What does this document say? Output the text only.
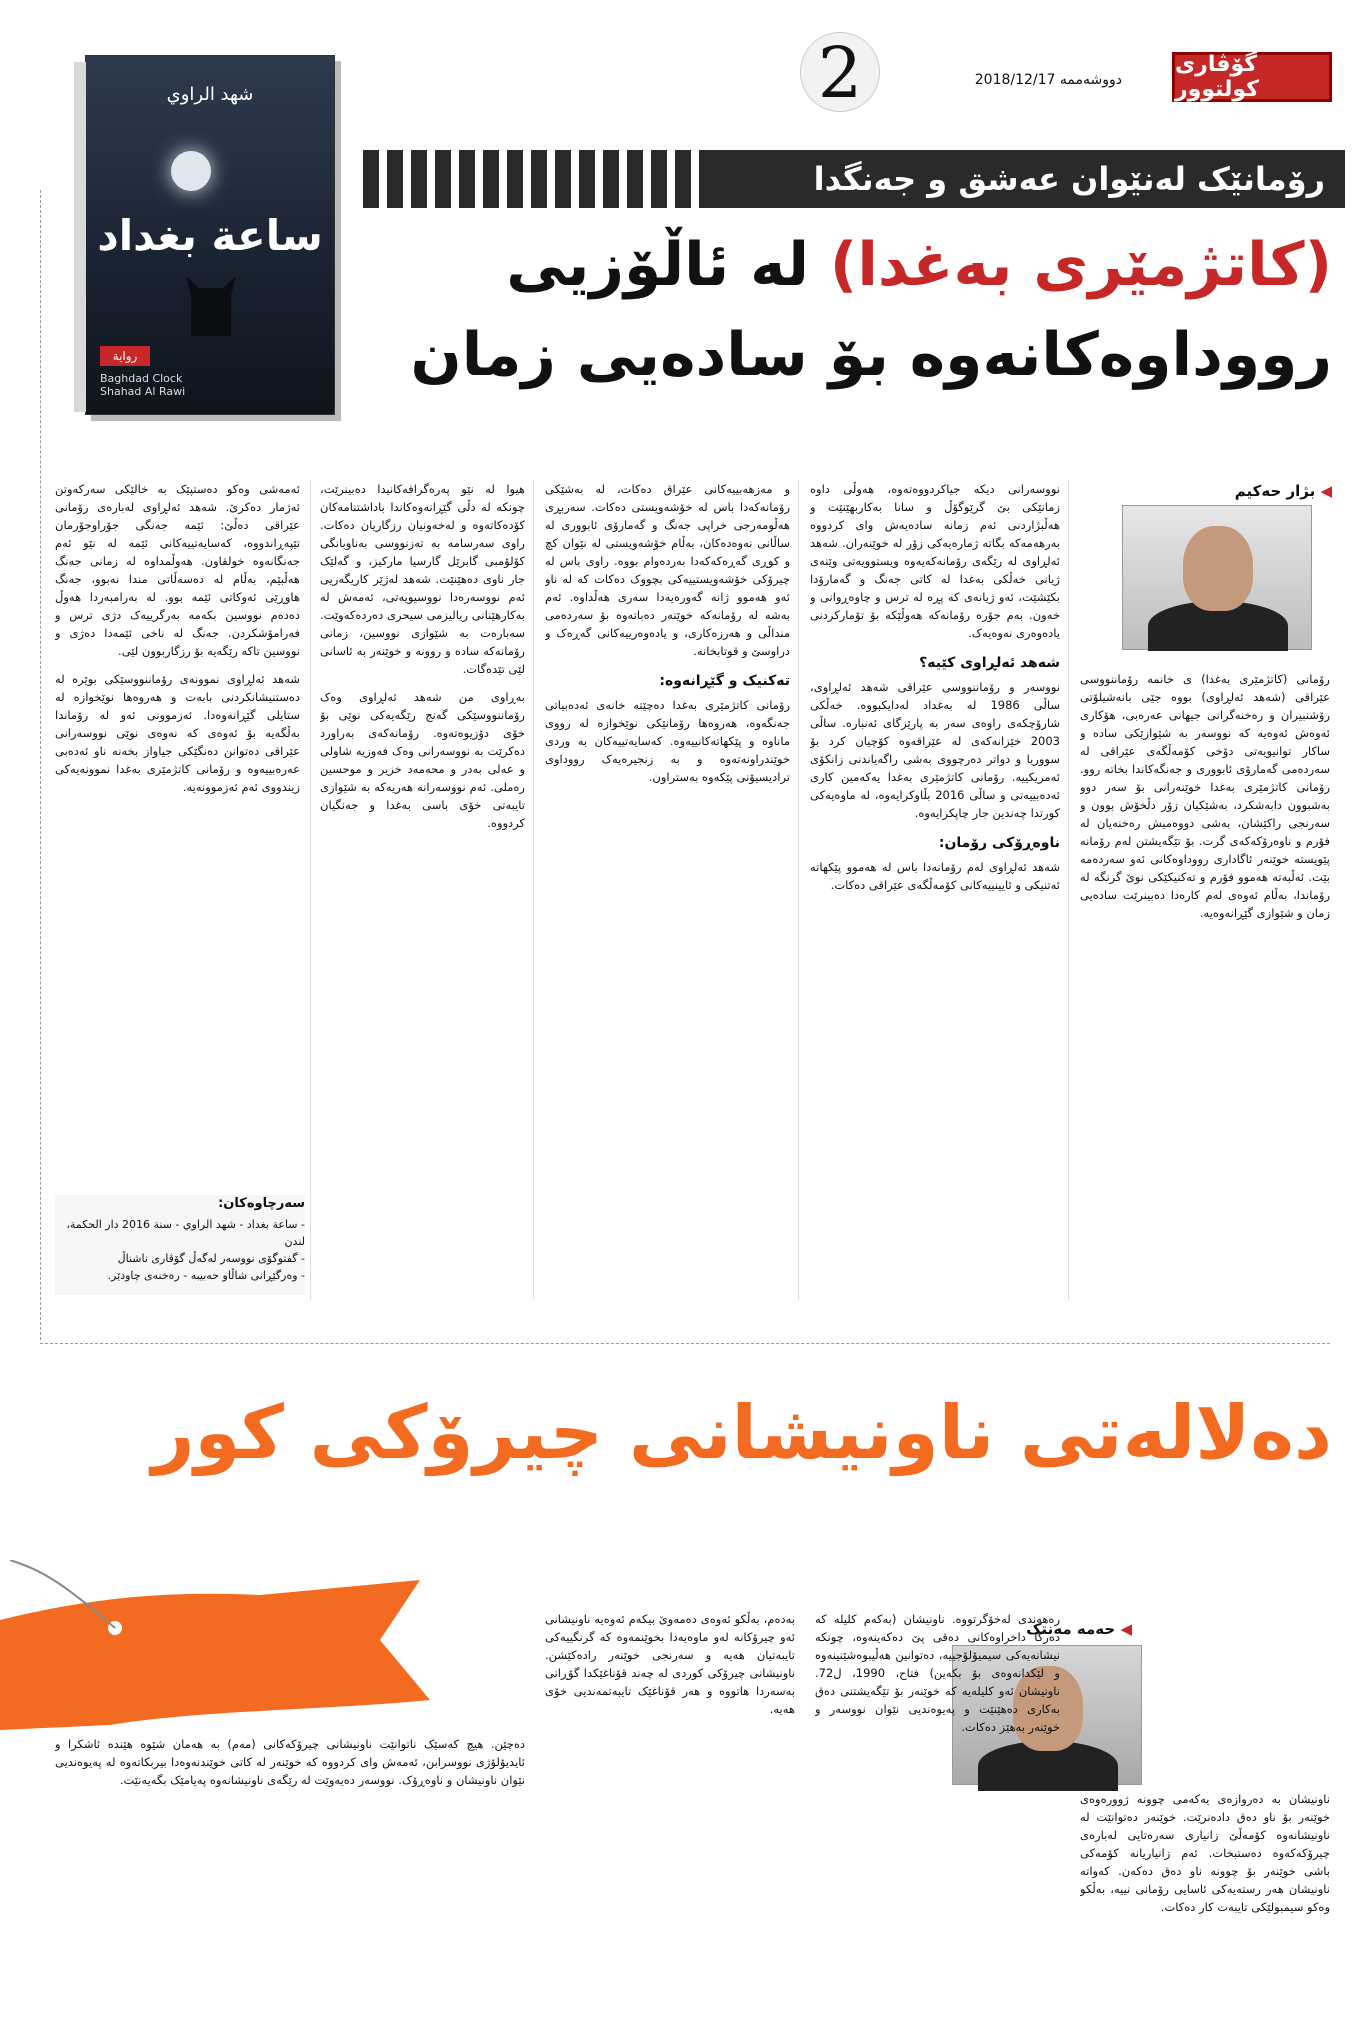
گۆڤاری کولتوور
دووشەممە 2018/12/17
2
شهد الراوي
ساعة بغداد
رواية
Baghdad Clock
Shahad Al Rawi
رۆمانێک لەنێوان عەشق و جەنگدا
(کاتژمێری بەغدا) لە ئاڵۆزیی
رووداوەکانەوە بۆ سادەیی زمان
◀ بژار حەکیم
رۆمانی (کاتژمێری بەغدا) ی خانمە رۆماننووسی عێراقی (شەهد ئەلڕاوی) بووە جێی بانەشیلۆتی رۆشنبیران و رەخنەگرانی جیهانی عەرەبی، هۆکاری ئەوەش ئەوەیە کە نووسەر بە شێوازێکی سادە و ساکار توانیویەتی دۆخی کۆمەڵگەی عێراقی لە سەردەمی گەمارۆی ئابووری و جەنگەکاندا بخاتە روو. رۆمانی کاتژمێری بەغدا خوێنەرانی بۆ سەر دوو بەشبوون دابەشکرد، بەشێکیان زۆر دڵخۆش بوون و سەرنجی راکێشان، بەشی دووەمیش رەخنەیان لە فۆرم و ناوەرۆکەکەی گرت. بۆ تێگەیشتن لەم رۆمانە پێویستە خوێنەر ئاگاداری رووداوەکانی ئەو سەردەمە بێت. ئەڵبەتە هەموو فۆرم و تەکنیکێکی نوێ گرنگە لە رۆماندا، بەڵام ئەوەی لەم کارەدا دەبینرێت سادەیی زمان و شێوازی گێڕانەوەیە.
نووسەرانی دیکە جیاکردووەتەوە، هەوڵی داوە زمانێکی بێ گرێوگۆڵ و سانا بەکاربهێنێت و هەڵبژاردنی ئەم زمانە سادەیەش وای کردووە بەرهەمەکە بگاتە ژمارەیەکی زۆر لە خوێنەران. شەهد ئەلڕاوی لە رێگەی رۆمانەکەیەوە ویستوویەتی وێنەی ژیانی خەڵکی بەغدا لە کاتی جەنگ و گەمارۆدا بکێشێت، ئەو ژیانەی کە پڕە لە ترس و چاوەڕوانی و خەون. بەم جۆرە رۆمانەکە هەوڵێکە بۆ تۆمارکردنی یادەوەری نەوەیەک.
شەهد ئەلڕاوی کێیە؟
نووسەر و رۆماننووسی عێراقی شەهد ئەلڕاوی، ساڵی 1986 لە بەغداد لەدایکبووە. خەڵکی شارۆچکەی راوەی سەر بە پارێزگای ئەنبارە. ساڵی 2003 خێزانەکەی لە عێراقەوە کۆچیان کرد بۆ سووریا و دواتر دەرچووی بەشی راگەیاندنی زانکۆی ئەمریکییە. رۆمانی کاتژمێری بەغدا یەکەمین کاری ئەدەبییەتی و ساڵی 2016 بڵاوکرایەوە، لە ماوەیەکی کورتدا چەندین جار چاپکرایەوە.
ناوەڕۆکی رۆمان:
شەهد ئەلڕاوی لەم رۆمانەدا باس لە هەموو پێکهاتە ئەتنیکی و ئایینییەکانی کۆمەڵگەی عێراقی دەکات.
و مەزهەبییەکانی عێراق دەکات، لە بەشێکی رۆمانەکەدا باس لە خۆشەویستی دەکات. سەربڕی هەڵومەرجی خراپی جەنگ و گەمارۆی ئابووری لە ساڵانی نەوەدەکان، بەڵام خۆشەویستی لە نێوان کچ و کوڕی گەڕەکەکەدا بەردەوام بووە. راوی باس لە چیرۆکی خۆشەویستییەکی بچووک دەکات کە لە ناو ئەو هەموو ژانە گەورەیەدا سەری هەڵداوە. ئەم بەشە لە رۆمانەکە خوێنەر دەباتەوە بۆ سەردەمی منداڵی و هەرزەکاری، و یادەوەرییەکانی گەڕەک و دراوسێ و قوتابخانە.
تەکنیک و گێڕانەوە:
رۆمانی کاتژمێری بەغدا دەچێتە خانەی ئەدەبیاتی جەنگەوە، هەروەها رۆمانێکی نوێخوازە لە رووی ماناوە و پێکهاتەکانییەوە. کەسایەتییەکان بە وردی خوێندراونەتەوە و بە زنجیرەیەک رووداوی ترادیسیۆنی پێکەوە بەستراون.
هیوا لە نێو پەرەگرافەکانیدا دەبینرێت، چونکە لە دڵی گێڕانەوەکاندا باداشتنامەکان کۆدەکاتەوە و لەخەونیان رزگاریان دەکات. راوی سەرسامە بە تەزنووسی بەناوبانگی کۆلۆمبی گابرێل گارسیا مارکیز، و گەلێک جار ناوی دەهێنێت. شەهد لەژێر کاریگەریی ئەم نووسەرەدا نووسیویەتی، ئەمەش لە بەکارهێنانی ریالیزمی سیحری دەردەکەوێت. سەبارەت بە شێوازی نووسین، زمانی رۆمانەکە سادە و روونە و خوێنەر بە ئاسانی لێی تێدەگات.
بەڕاوی من شەهد ئەلڕاوی وەک رۆماننووسێکی گەنج رێگەیەکی نوێی بۆ خۆی دۆزیوەتەوە. رۆمانەکەی بەراورد دەکرێت بە نووسەرانی وەک فەوزیە شاولی و عەلی بەدر و محەمەد خزیر و موحسین رەملی. ئەم نووسەرانە هەریەکە بە شێوازی تایبەتی خۆی باسی بەغدا و جەنگیان کردووە.
ئەمەشی وەکو دەستپێک بە خالێکی سەرکەوتن ئەژمار دەکرێ. شەهد ئەلڕاوی لەبارەی رۆمانی عێراقی دەڵێ: ئێمە جەنگی جۆراوجۆرمان تێپەڕاندووە، کەسایەتییەکانی ئێمە لە نێو ئەم جەنگانەوە خولقاون. هەوڵمداوە لە زمانی جەنگ هەڵبێم، بەڵام لە دەسەڵاتی مندا نەبوو، جەنگ هاوڕێی ئەوکاتی ئێمە بوو. لە بەرامبەردا هەوڵ دەدەم نووسین بکەمە بەرگرییەک دژی ترس و فەرامۆشکردن. جەنگ لە ناخی ئێمەدا دەژی و نووسین تاکە رێگەیە بۆ رزگاربوون لێی.
شەهد ئەلڕاوی نموونەی رۆماننووسێکی بوێرە لە دەستنیشانکردنی بابەت و هەروەها نوێخوازە لە ستایلی گێڕانەوەدا. ئەزموونی ئەو لە رۆماندا بەڵگەیە بۆ ئەوەی کە نەوەی نوێی نووسەرانی عێراقی دەتوانن دەنگێکی جیاواز بخەنە ناو ئەدەبی عەرەبییەوە و رۆمانی کاتژمێری بەغدا نموونەیەکی زیندووی ئەم ئەزموونەیە.
سەرچاوەکان:
- ساعة بغداد - شهد الراوي - سنة 2016 دار الحکمة، لندن
- گفتوگۆی نووسەر لەگەڵ گۆڤاری ناشناڵ
- وەرگێڕانی شاڵاو حەبیبە - رەخنەی چاودێر.
دەلالەتی ناونیشانی چیرۆکی کور
◀ حەمە مەنتک
ناونیشان بە دەروازەی یەکەمی چوونە ژوورەوەی خوێنەر بۆ ناو دەق دادەنرێت. خوێنەر دەتوانێت لە ناونیشانەوە کۆمەڵێ زانیاری سەرەتایی لەبارەی چیرۆکەکەوە دەستبخات. ئەم زانیاریانە کۆمەکی باشی خوێنەر بۆ چوونە ناو دەق دەکەن. کەواتە ناونیشان هەر رستەیەکی ئاسایی رۆمانی نییە، بەڵکو وەکو سیمبولێکی تایبەت کار دەکات.
رەهەندی لەخۆگرتووە. ناونیشان (بەکەم کلیلە کە دەرگا داخراوەکانی دەقی پێ دەکەینەوە، چونکە نیشانەیەکی سیمیۆلۆجییە، دەتوانین هەڵیبوەشێنینەوە و لێکدانەوەی بۆ بکەین) فتاح، 1990، ل72. ناونیشان ئەو کلیلەیە کە خوێنەر بۆ تێگەیشتنی دەق بەکاری دەهێنێت و پەیوەندیی نێوان نووسەر و خوێنەر بەهێز دەکات.
بەدەم، بەڵکو ئەوەی دەمەوێ بیکەم ئەوەیە ناونیشانی ئەو چیرۆکانە لەو ماوەیەدا بخوێنمەوە کە گرنگییەکی تایبەتیان هەیە و سەرنجی خوێنەر رادەکێشن. ناونیشانی چیرۆکی کوردی لە چەند قۆناغێکدا گۆڕانی بەسەردا هاتووە و هەر قۆناغێک تایبەتمەندیی خۆی هەیە.
دەچێن. هیچ کەسێک ناتوانێت ناونیشانی چیرۆکەکانی (مەم) بە هەمان شێوە هێندە ئاشکرا و ئایدیۆلۆژی نووسرابن، ئەمەش وای کردووە کە خوێنەر لە کاتی خوێندنەوەدا بیربکاتەوە لە پەیوەندیی نێوان ناونیشان و ناوەڕۆک. نووسەر دەیەوێت لە رێگەی ناونیشانەوە پەیامێک بگەیەنێت.
